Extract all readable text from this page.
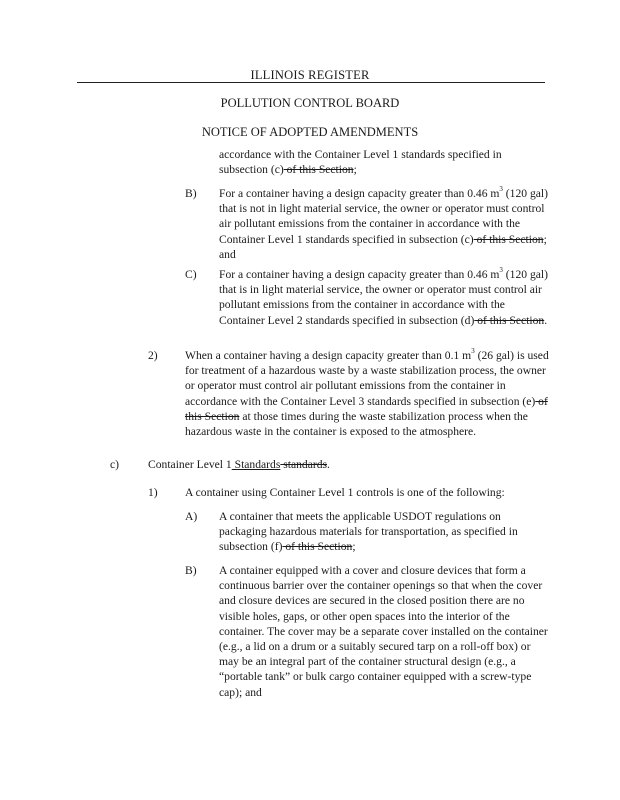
ILLINOIS REGISTER
POLLUTION CONTROL BOARD
NOTICE OF ADOPTED AMENDMENTS
accordance with the Container Level 1 standards specified in subsection (c) of this Section;
B) For a container having a design capacity greater than 0.46 $m^3$ (120 gal) that is not in light material service, the owner or operator must control air pollutant emissions from the container in accordance with the Container Level 1 standards specified in subsection (c) of this Section; and
C) For a container having a design capacity greater than 0.46 $m^3$ (120 gal) that is in light material service, the owner or operator must control air pollutant emissions from the container in accordance with the Container Level 2 standards specified in subsection (d) of this Section.
2) When a container having a design capacity greater than 0.1 $m^3$ (26 gal) is used for treatment of a hazardous waste by a waste stabilization process, the owner or operator must control air pollutant emissions from the container in accordance with the Container Level 3 standards specified in subsection (e) of this Section at those times during the waste stabilization process when the hazardous waste in the container is exposed to the atmosphere.
c) Container Level 1 Standards standards.
1) A container using Container Level 1 controls is one of the following:
A) A container that meets the applicable USDOT regulations on packaging hazardous materials for transportation, as specified in subsection (f) of this Section;
B) A container equipped with a cover and closure devices that form a continuous barrier over the container openings so that when the cover and closure devices are secured in the closed position there are no visible holes, gaps, or other open spaces into the interior of the container. The cover may be a separate cover installed on the container (e.g., a lid on a drum or a suitably secured tarp on a roll-off box) or may be an integral part of the container structural design (e.g., a “portable tank” or bulk cargo container equipped with a screw-type cap); and
